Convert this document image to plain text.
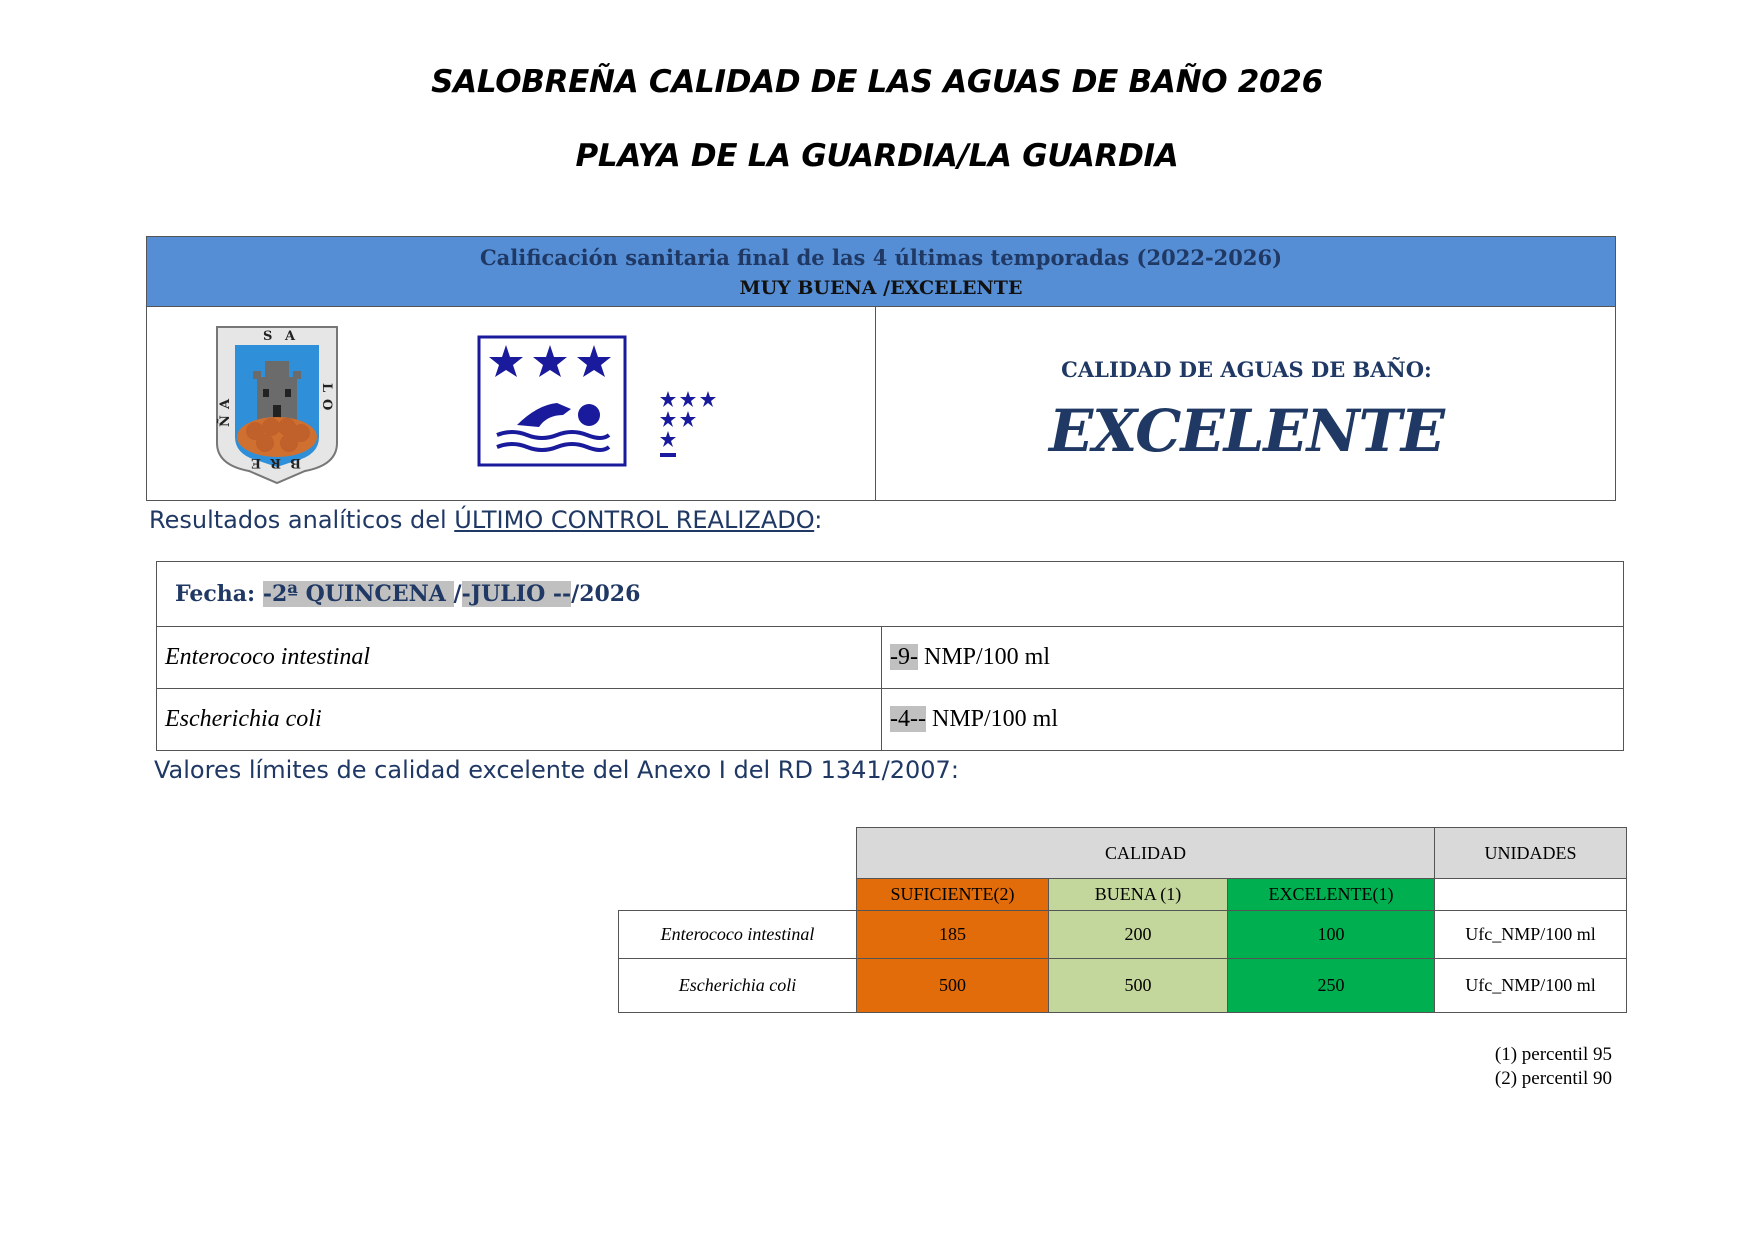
SALOBREÑA CALIDAD DE LAS AGUAS DE BAÑO 2026
PLAYA DE LA GUARDIA/LA GUARDIA
Calificación sanitaria final de las 4 últimas temporadas (2022-2026)
MUY BUENA /EXCELENTE
S A
L
O
B
R
E
Ñ
A
CALIDAD DE AGUAS DE BAÑO:
EXCELENTE
Resultados analíticos del ÚLTIMO CONTROL REALIZADO:
Fecha: -2ª QUINCENA /-JULIO --/2026	
Enterococo intestinal	-9- NMP/100 ml
Escherichia coli	-4-- NMP/100 ml
Valores límites de calidad excelente del Anexo I del RD 1341/2007:
	CALIDAD			UNIDADES
	SUFICIENTE(2)	BUENA (1)	EXCELENTE(1)	
Enterococo intestinal	185	200	100	Ufc_NMP/100 ml
Escherichia coli	500	500	250	Ufc_NMP/100 ml
(1) percentil 95
(2) percentil 90
